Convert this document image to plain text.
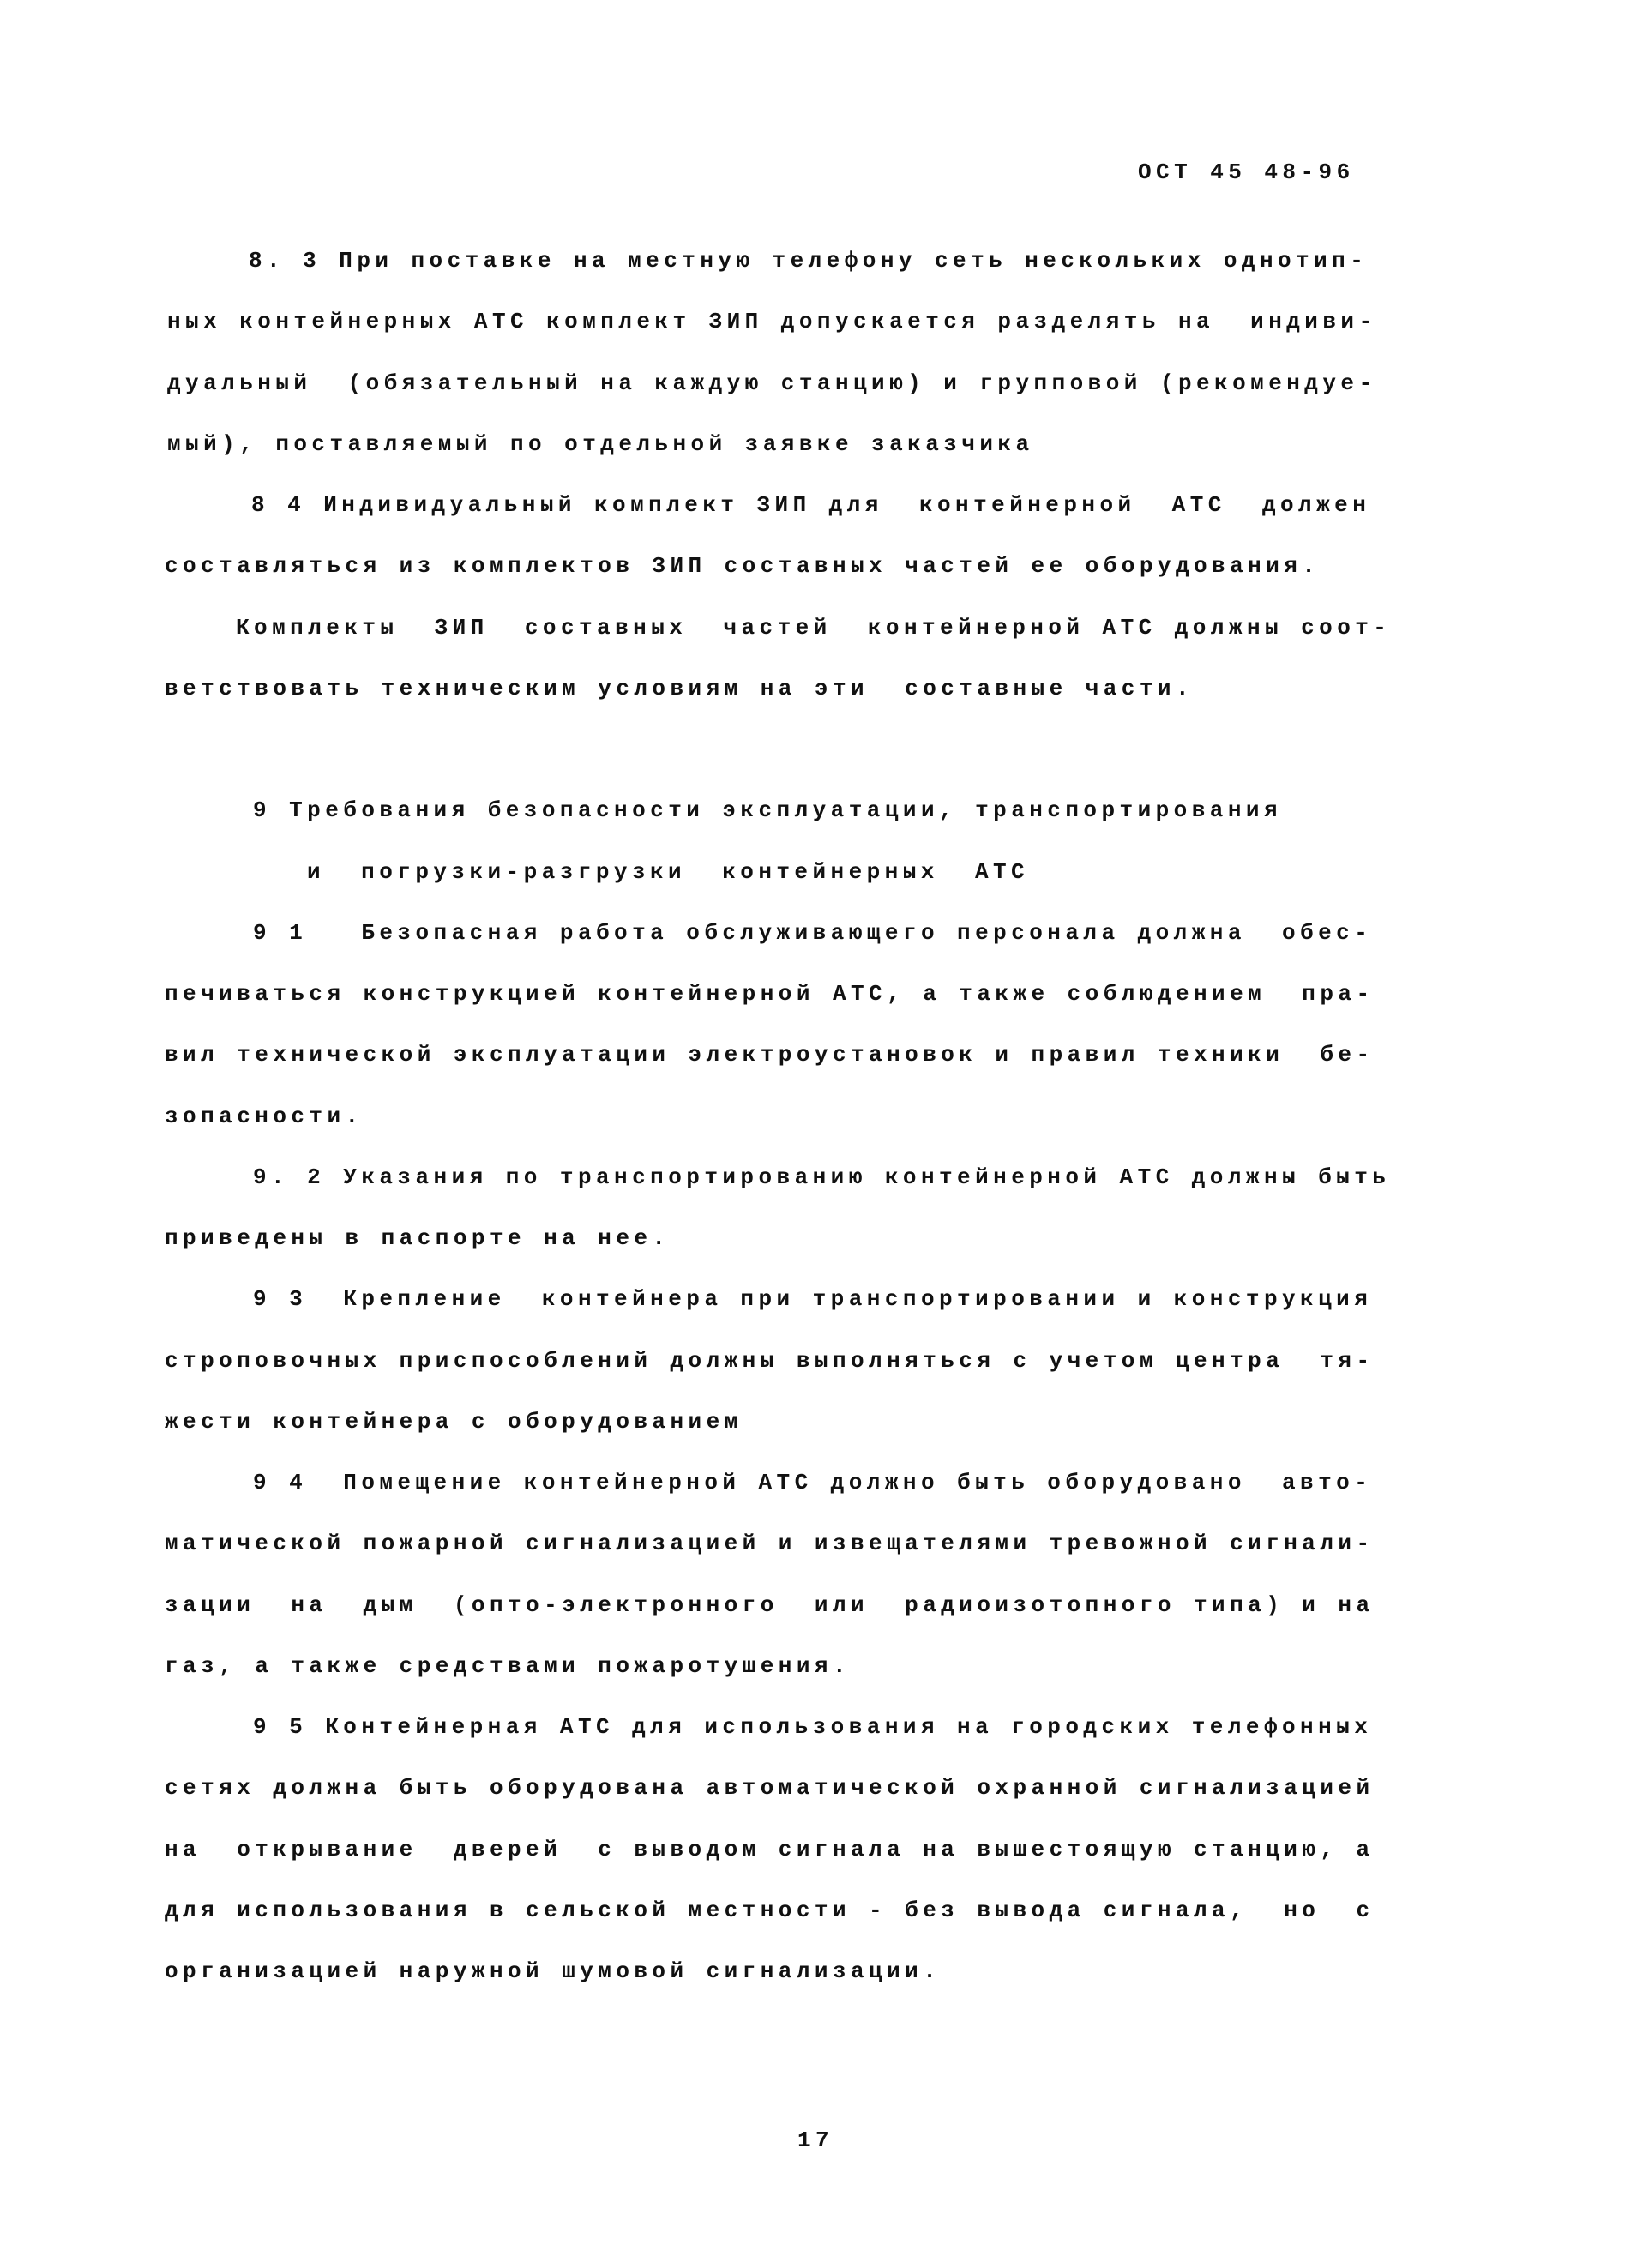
ОСТ 45 48-96
8. 3 При поставке на местную телефону сеть нескольких однотип-
ных контейнерных АТС комплект ЗИП допускается разделять на  индиви-
дуальный  (обязательный на каждую станцию) и групповой (рекомендуе-
мый), поставляемый по отдельной заявке заказчика
8 4 Индивидуальный комплект ЗИП для  контейнерной  АТС  должен
составляться из комплектов ЗИП составных частей ее оборудования.
Комплекты  ЗИП  составных  частей  контейнерной АТС должны соот-
ветствовать техническим условиям на эти  составные части.
9 Требования безопасности эксплуатации, транспортирования
и  погрузки-разгрузки  контейнерных  АТС
9 1   Безопасная работа обслуживающего персонала должна  обес-
печиваться конструкцией контейнерной АТС, а также соблюдением  пра-
вил технической эксплуатации электроустановок и правил техники  бе-
зопасности.
9. 2 Указания по транспортированию контейнерной АТС должны быть
приведены в паспорте на нее.
9 3  Крепление  контейнера при транспортировании и конструкция
строповочных приспособлений должны выполняться с учетом центра  тя-
жести контейнера с оборудованием
9 4  Помещение контейнерной АТС должно быть оборудовано  авто-
матической пожарной сигнализацией и извещателями тревожной сигнали-
зации  на  дым  (опто-электронного  или  радиоизотопного типа) и на
газ, а также средствами пожаротушения.
9 5 Контейнерная АТС для использования на городских телефонных
сетях должна быть оборудована автоматической охранной сигнализацией
на  открывание  дверей  с выводом сигнала на вышестоящую станцию, а
для использования в сельской местности - без вывода сигнала,  но  с
организацией наружной шумовой сигнализации.
17
